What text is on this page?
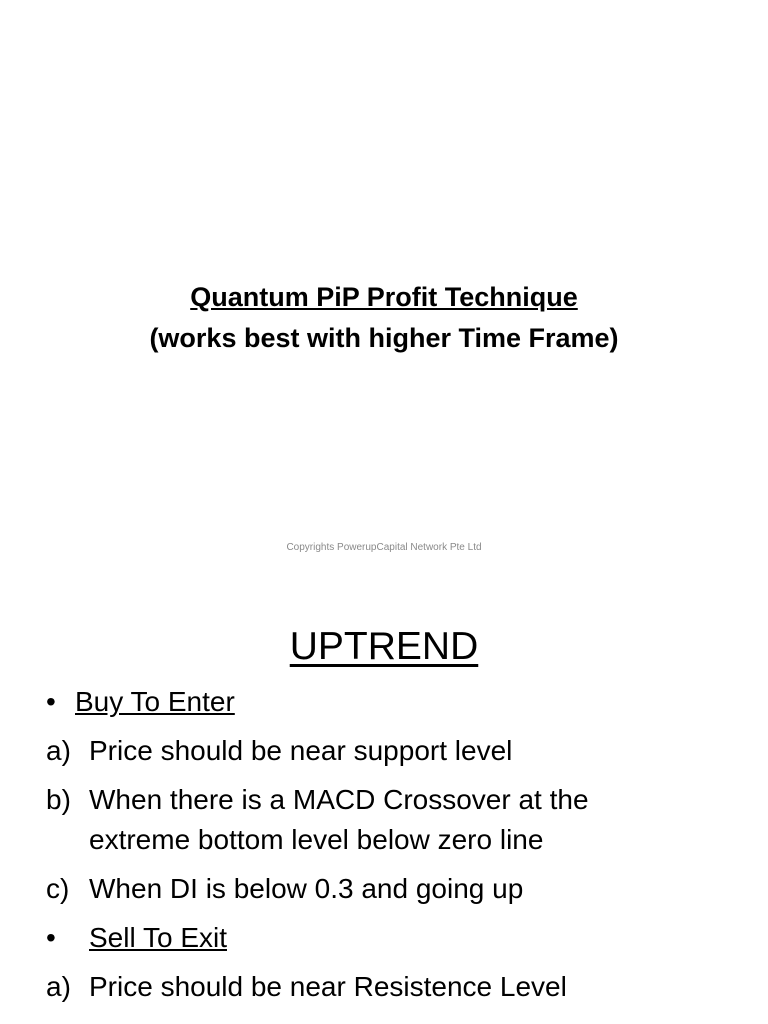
Quantum PiP Profit Technique
(works best with higher Time Frame)
Copyrights PowerupCapital Network Pte Ltd
UPTREND
• Buy To Enter
a) Price should be near support level
b) When there is a MACD Crossover at the extreme bottom level below zero line
c) When DI is below 0.3 and going up
• Sell To Exit
a) Price should be near Resistence Level
